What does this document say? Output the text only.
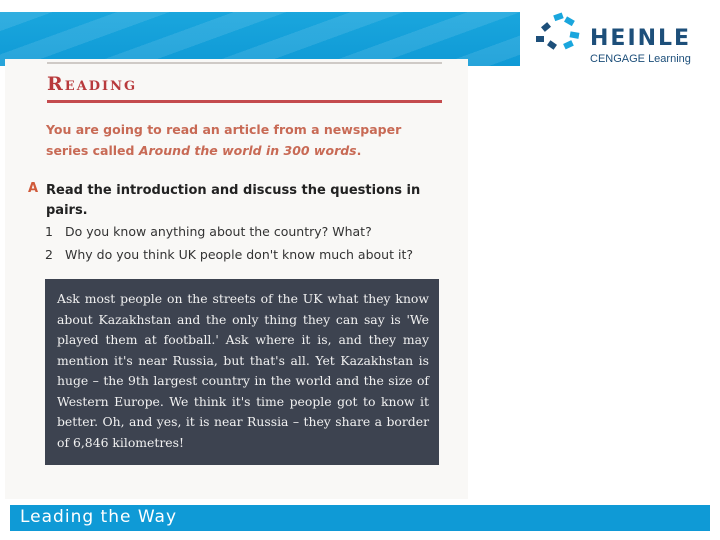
HEINLE
CENGAGE Learning
Reading
You are going to read an article from a newspaper series called Around the world in 300 words.
A Read the introduction and discuss the questions in pairs.
1 Do you know anything about the country? What?
2 Why do you think UK people don't know much about it?
Ask most people on the streets of the UK what they know about Kazakhstan and the only thing they can say is 'We played them at football.' Ask where it is, and they may mention it's near Russia, but that's all. Yet Kazakhstan is huge – the 9th largest country in the world and the size of Western Europe. We think it's time people got to know it better. Oh, and yes, it is near Russia – they share a border of 6,846 kilometres!
Leading the Way
